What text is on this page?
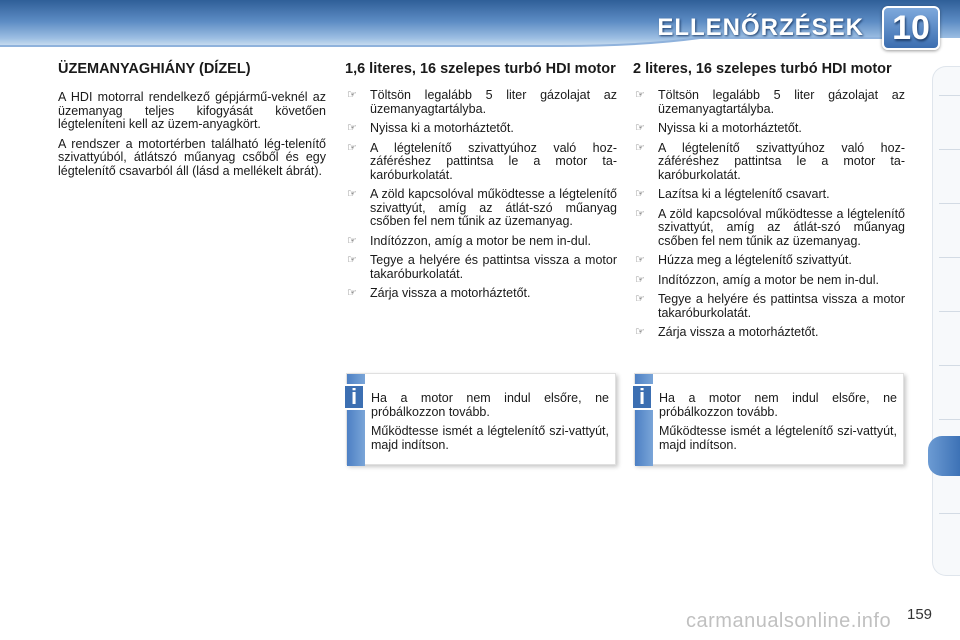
ELLENŐRZÉSEK 10
ÜZEMANYAGHIÁNY (DÍZEL)

A HDI motorral rendelkező gépjármű-veknél az üzemanyag teljes kifogyását követően légteleníteni kell az üzem-anyagkört.

A rendszer a motortérben található lég-telenítő szivattyúból, átlátszó műanyag csőből és egy légtelenítő csavarból áll (lásd a mellékelt ábrát).

1,6 literes, 16 szelepes turbó HDI motor
☞ Töltsön legalább 5 liter gázolajat az üzemanyagtartályba.
☞ Nyissa ki a motorháztetőt.
☞ A légtelenítő szivattyúhoz való hoz-záféréshez pattintsa le a motor ta-karóburkolatát.
☞ A zöld kapcsolóval működtesse a légtelenítő szivattyút, amíg az átlát-szó műanyag csőben fel nem tűnik az üzemanyag.
☞ Indítózzon, amíg a motor be nem in-dul.
☞ Tegye a helyére és pattintsa vissza a motor takaróburkolatát.
☞ Zárja vissza a motorháztetőt.
2 literes, 16 szelepes turbó HDI motor
☞ Töltsön legalább 5 liter gázolajat az üzemanyagtartályba.
☞ Nyissa ki a motorháztetőt.
☞ A légtelenítő szivattyúhoz való hoz-záféréshez pattintsa le a motor ta-karóburkolatát.
☞ Lazítsa ki a légtelenítő csavart.
☞ A zöld kapcsolóval működtesse a légtelenítő szivattyút, amíg az átlát-szó műanyag csőben fel nem tűnik az üzemanyag.
☞ Húzza meg a légtelenítő szivattyút.
☞ Indítózzon, amíg a motor be nem in-dul.
☞ Tegye a helyére és pattintsa vissza a motor takaróburkolatát.
☞ Zárja vissza a motorháztetőt.
i	Ha a motor nem indul elsőre, ne próbálkozzon tovább.

Működtesse ismét a légtelenítő szi-vattyút, majd indítson.

i	Ha a motor nem indul elsőre, ne próbálkozzon tovább.

Működtesse ismét a légtelenítő szi-vattyút, majd indítson.

carmanualsonline.info 159
